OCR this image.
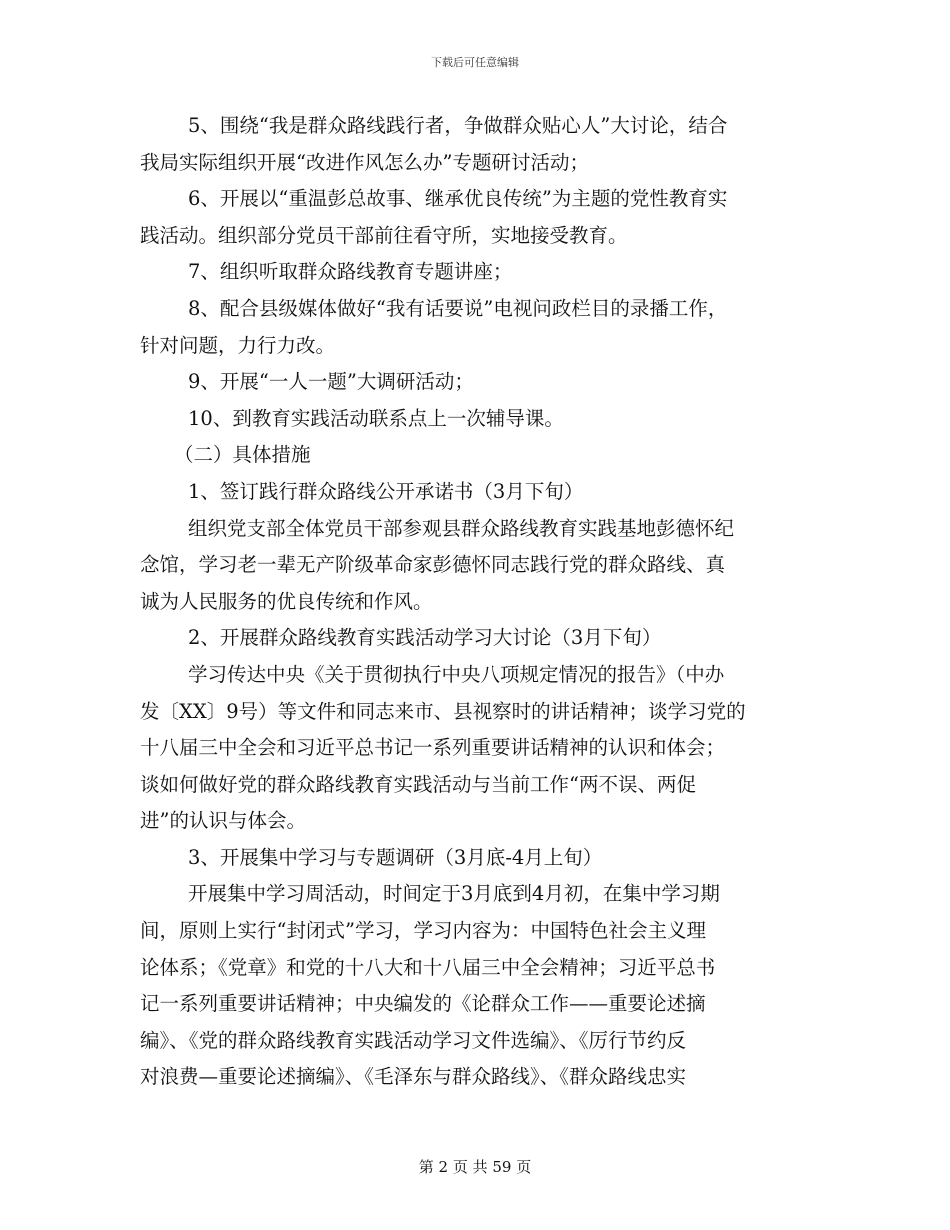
下载后可任意编辑
5、围绕“我是群众路线践行者，争做群众贴心人”大讨论，结合
我局实际组织开展“改进作风怎么办”专题研讨活动；
6、开展以“重温彭总故事、继承优良传统”为主题的党性教育实
践活动。组织部分党员干部前往看守所，实地接受教育。
7、组织听取群众路线教育专题讲座；
8、配合县级媒体做好“我有话要说”电视问政栏目的录播工作，
针对问题，力行力改。
9、开展“一人一题”大调研活动；
10、到教育实践活动联系点上一次辅导课。
（二）具体措施
1、签订践行群众路线公开承诺书（3月下旬）
组织党支部全体党员干部参观县群众路线教育实践基地彭德怀纪
念馆，学习老一辈无产阶级革命家彭德怀同志践行党的群众路线、真
诚为人民服务的优良传统和作风。
2、开展群众路线教育实践活动学习大讨论（3月下旬）
学习传达中央《关于贯彻执行中央八项规定情况的报告》（中办
发〔XX〕9号）等文件和同志来市、县视察时的讲话精神；谈学习党的
十八届三中全会和习近平总书记一系列重要讲话精神的认识和体会；
谈如何做好党的群众路线教育实践活动与当前工作“两不误、两促
进”的认识与体会。
3、开展集中学习与专题调研（3月底-4月上旬）
开展集中学习周活动，时间定于3月底到4月初，在集中学习期
间，原则上实行“封闭式”学习，学习内容为：中国特色社会主义理
论体系；《党章》和党的十八大和十八届三中全会精神；习近平总书
记一系列重要讲话精神；中央编发的《论群众工作——重要论述摘
编》、《党的群众路线教育实践活动学习文件选编》、《厉行节约反
对浪费—重要论述摘编》、《毛泽东与群众路线》、《群众路线忠实
第 2 页 共 59 页
